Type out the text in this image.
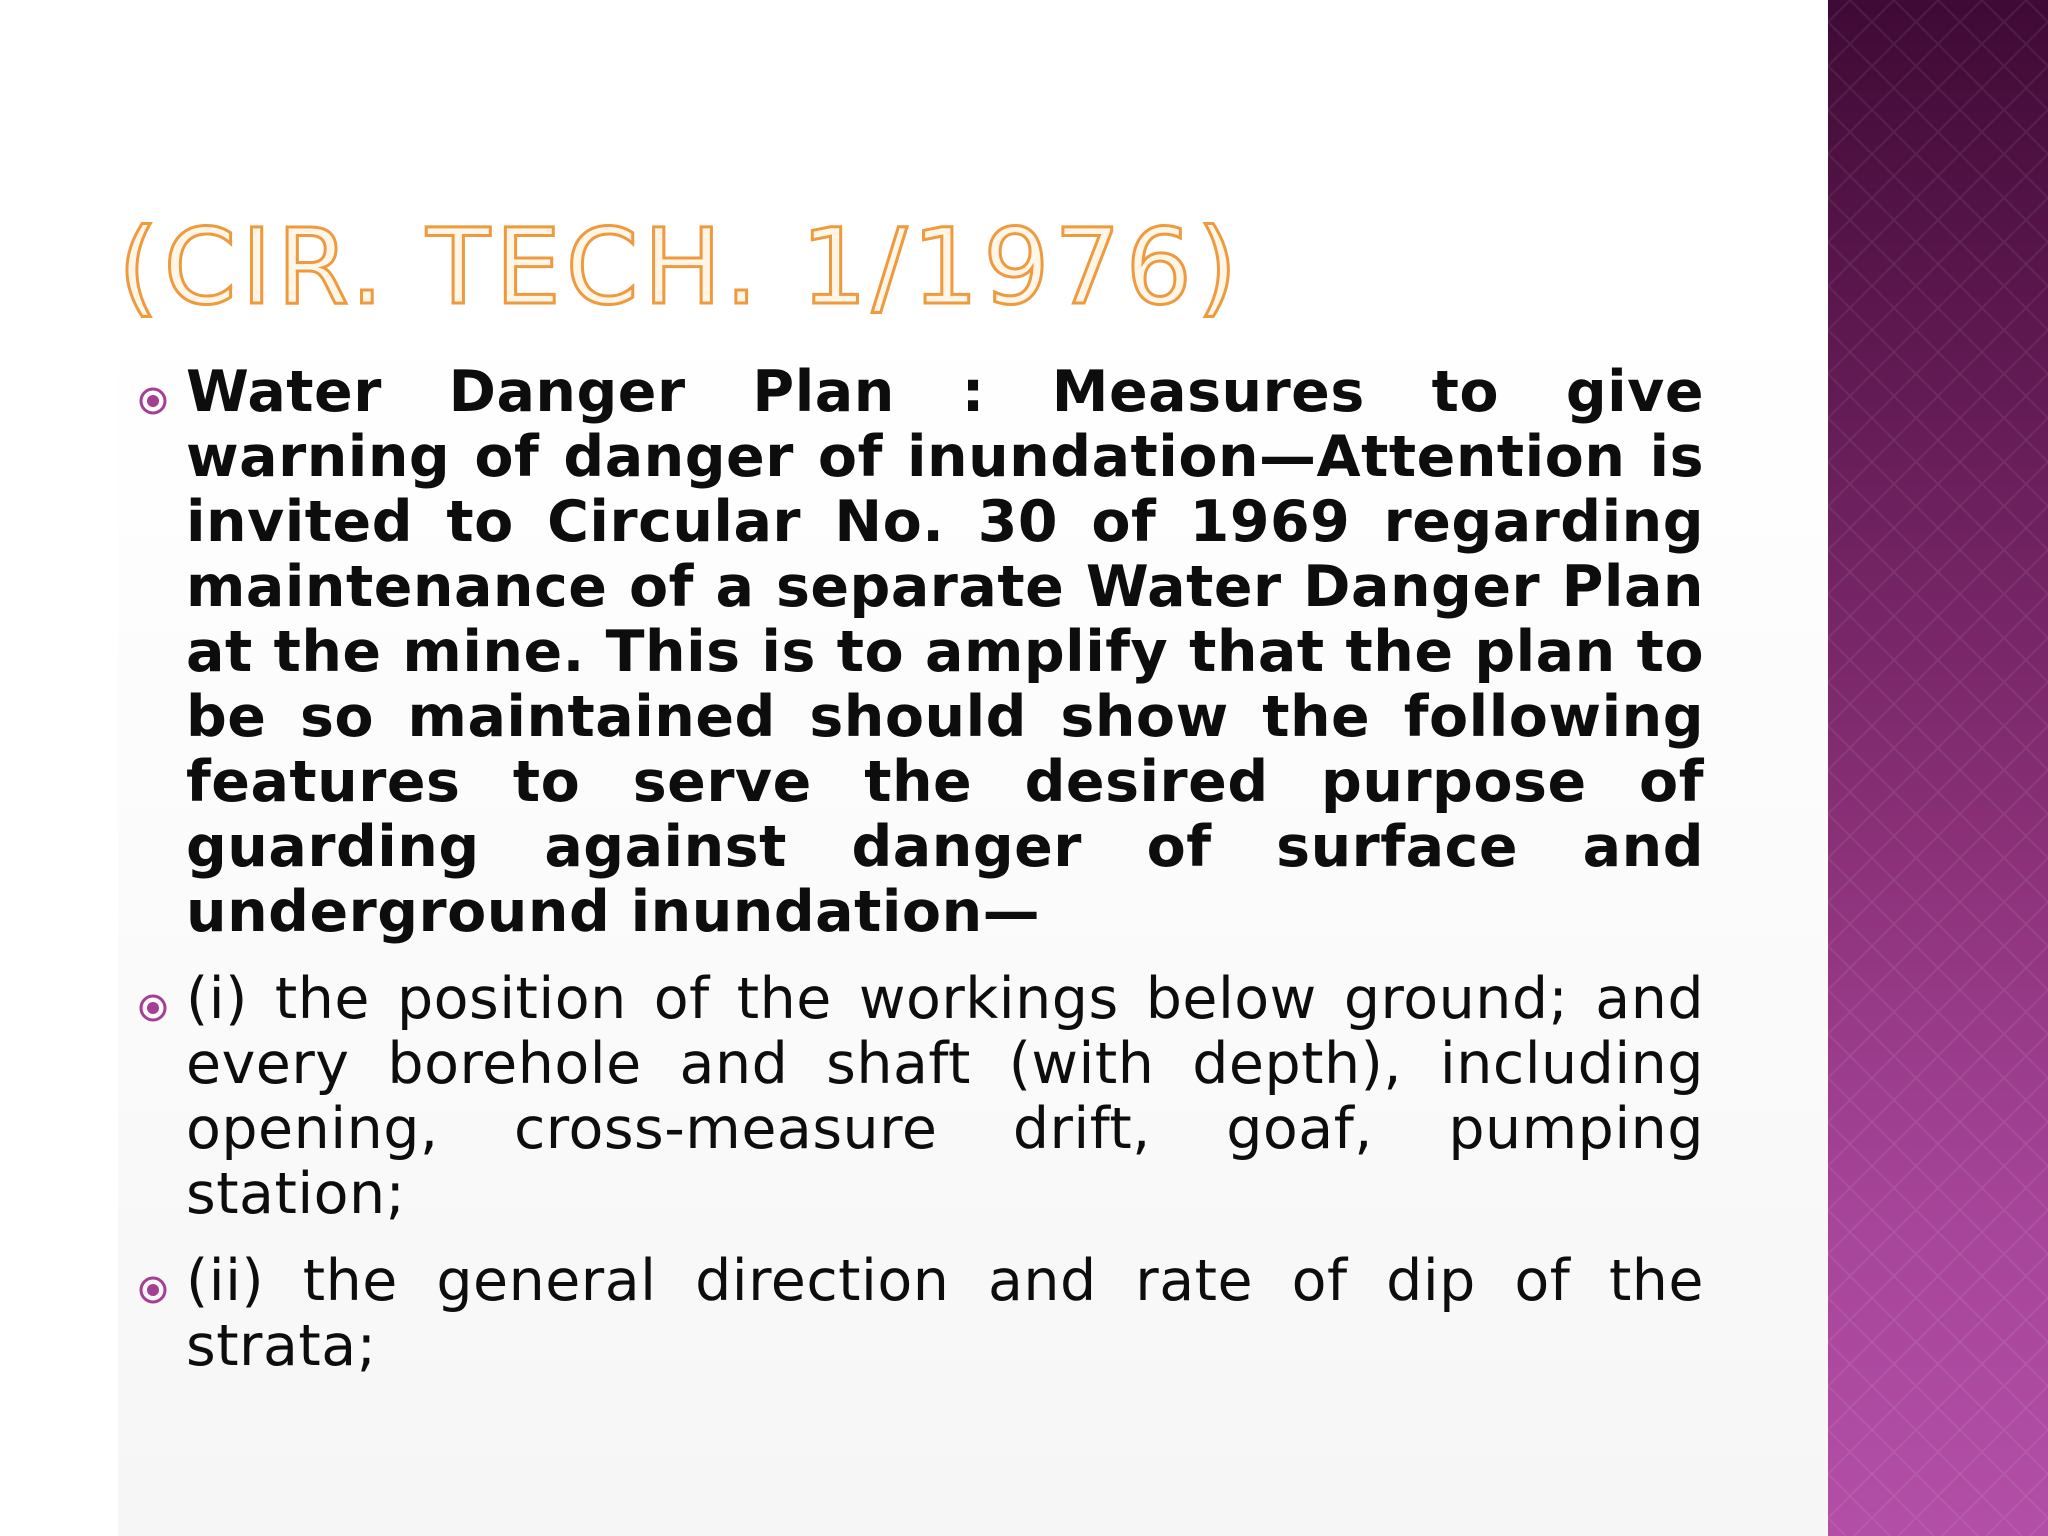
(CIR. TECH. 1/1976)
Water Danger Plan : Measures to give warning of danger of inundation—Attention is invited to Circular No. 30 of 1969 regarding maintenance of a separate Water Danger Plan at the mine. This is to amplify that the plan to be so maintained should show the following features to serve the desired purpose of guarding against danger of surface and underground inundation—
(i) the position of the workings below ground; and every borehole and shaft (with depth), including opening, cross-measure drift, goaf, pumping station;
(ii) the general direction and rate of dip of the strata;
